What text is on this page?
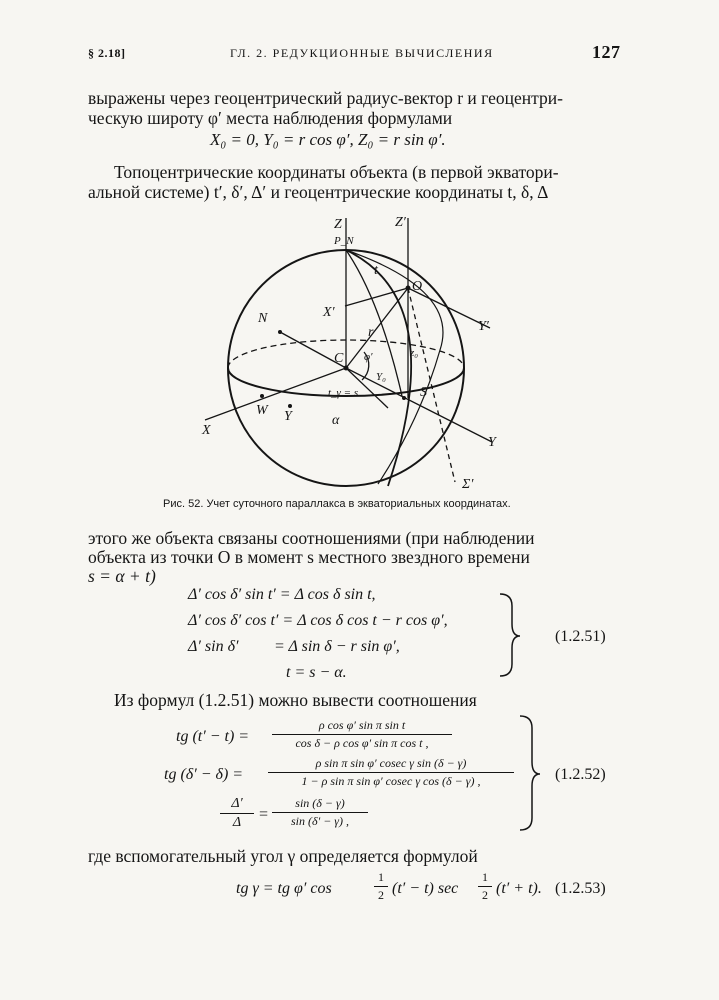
§ 2.18]	ГЛ. 2. РЕДУКЦИОННЫЕ ВЫЧИСЛЕНИЯ	127
выражены через геоцентрический радиус-вектор r и геоцентри-
ческую широту φ′ места наблюдения формулами
X₀ = 0, Y₀ = r cos φ′, Z₀ = r sin φ′.
Топоцентрические координаты объекта (в первой экватори-
альной системе) t′, δ′, Δ′ и геоцентрические координаты t, δ, Δ
Z	Z′
P_N
t
O
N	X′
Y′
r
C φ′	z₀
Y₀
t_γ = s
W Υ	α
S
X
Y
Σ′
Рис. 52. Учет суточного параллакса в экваториальных координатах.
этого же объекта связаны соотношениями (при наблюдении
объекта из точки O в момент s местного звездного времени
s = α + t)
Δ′ cos δ′ sin t′ = Δ cos δ sin t,
Δ′ cos δ′ cos t′ = Δ cos δ cos t − r cos φ′,
Δ′ sin δ′ = Δ sin δ − r sin φ′,
t = s − α.
(1.2.51)
Из формул (1.2.51) можно вывести соотношения
tg $(t' - t) = \frac{\text{ρ cos φ′ sin π sin t}}{\text{cos δ − ρ cos φ′ sin π cos t ,}}$
tg $(\delta' - \delta) = \frac{\text{ρ sin π sin φ′ cosec γ sin (δ − γ)}}{\text{1 − ρ sin π sin φ′ cosec γ cos (δ − γ) ,}}$
$\frac{\Delta'}{\Delta} = \frac{\sin (\delta - \gamma)}{\sin (\delta' - \gamma) ,}$
(1.2.52)
где вспомогательный угол γ определяется формулой
tg γ = tg φ′ cos	$\frac{1}{2} (t' - t)$ $\sec \frac{1}{2} (t' + t)$. (1.2.53)
